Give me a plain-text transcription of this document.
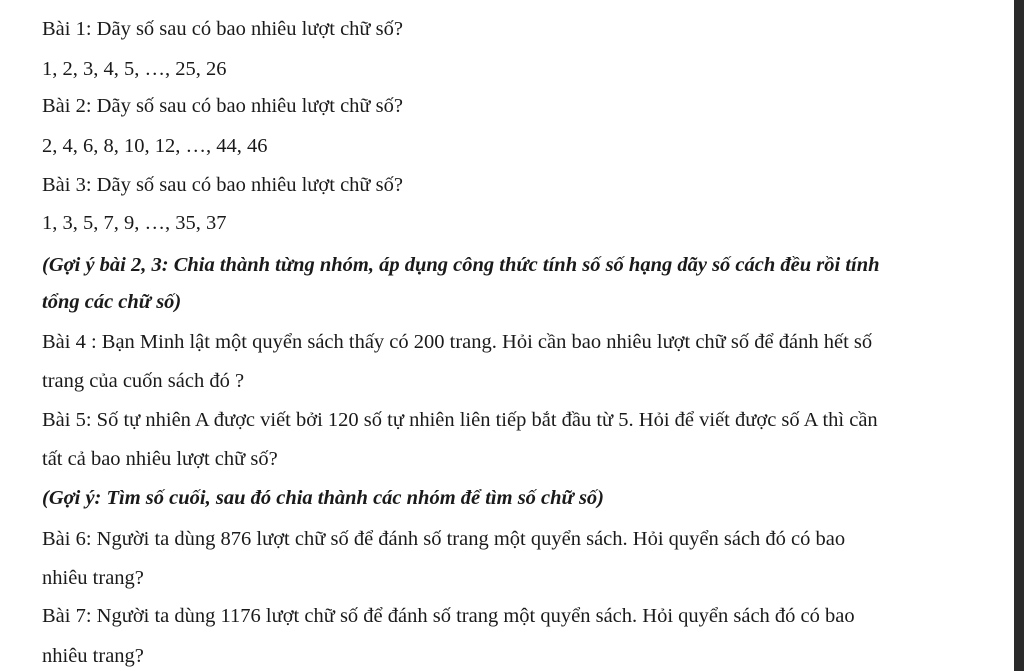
Bài 1: Dãy số sau có bao nhiêu lượt chữ số?

1, 2, 3, 4, 5, …, 25, 26

Bài 2: Dãy số sau có bao nhiêu lượt chữ số?

2, 4, 6, 8, 10, 12, …, 44, 46

Bài 3: Dãy số sau có bao nhiêu lượt chữ số?

1, 3, 5, 7, 9, …, 35, 37

(Gợi ý bài 2, 3: Chia thành từng nhóm, áp dụng công thức tính số số hạng dãy số cách đều rồi tính

tổng các chữ số)

Bài 4 : Bạn Minh lật một quyển sách thấy có 200 trang. Hỏi cần bao nhiêu lượt chữ số để đánh hết số

trang của cuốn sách đó ?

Bài 5: Số tự nhiên A được viết bởi 120 số tự nhiên liên tiếp bắt đầu từ 5. Hỏi để viết được số A thì cần

tất cả bao nhiêu lượt chữ số?

(Gợi ý: Tìm số cuối, sau đó chia thành các nhóm để tìm số chữ số)

Bài 6: Người ta dùng 876 lượt chữ số để đánh số trang một quyển sách. Hỏi quyển sách đó có bao

nhiêu trang?

Bài 7: Người ta dùng 1176 lượt chữ số để đánh số trang một quyển sách. Hỏi quyển sách đó có bao

nhiêu trang?
